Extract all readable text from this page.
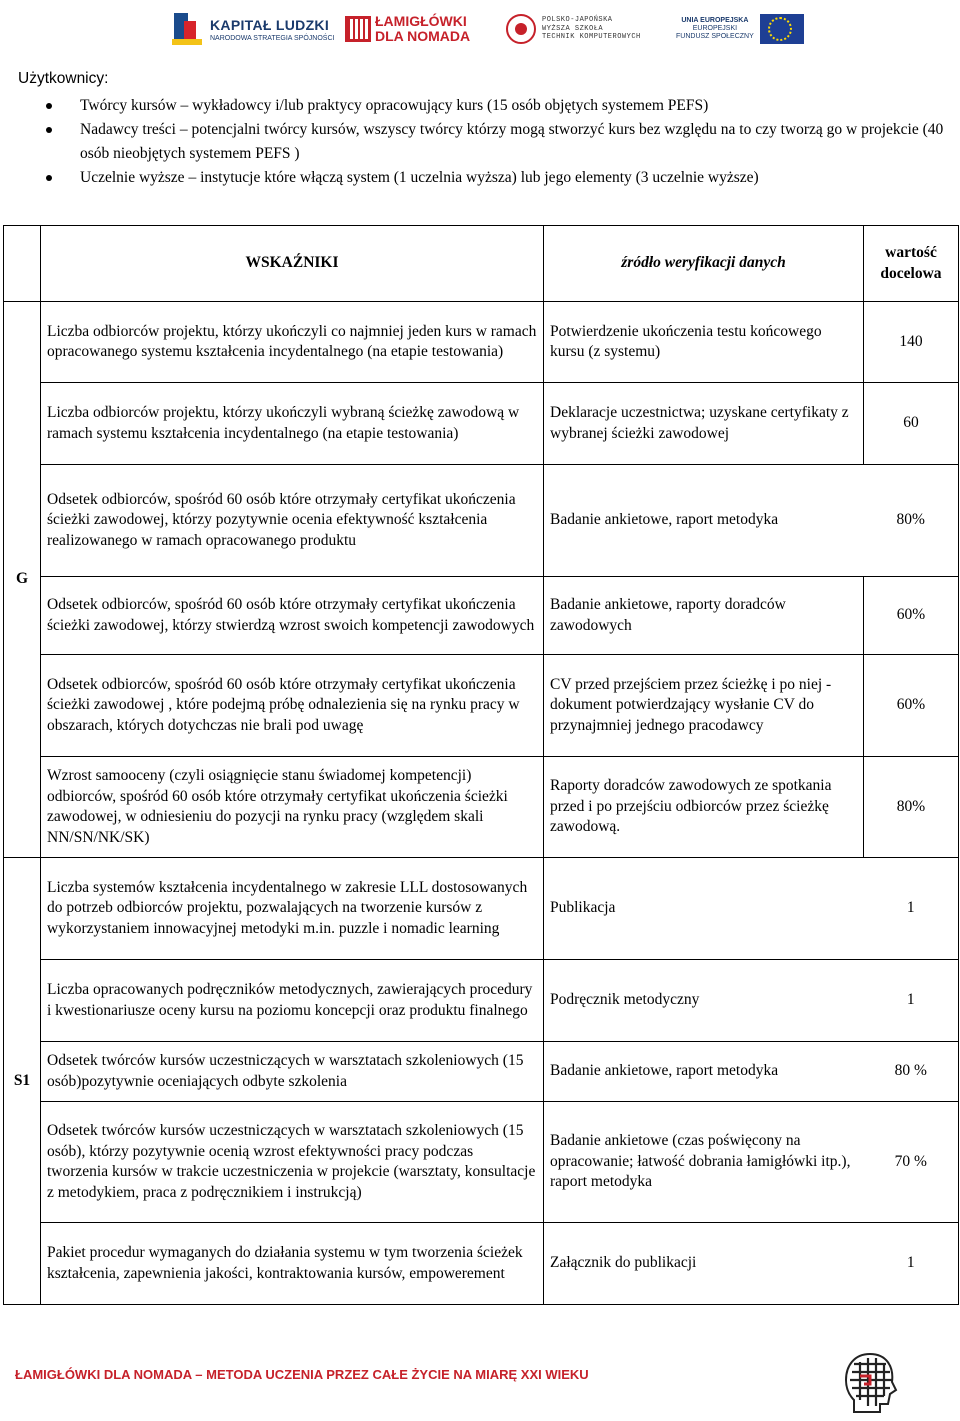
KAPITAŁ LUDZKI
NARODOWA STRATEGIA SPÓJNOŚCI
ŁAMIGŁÓWKI
DLA NOMADA
POLSKO-JAPOŃSKA
WYŻSZA SZKOŁA
TECHNIK KOMPUTEROWYCH
UNIA EUROPEJSKA
EUROPEJSKI
FUNDUSZ SPOŁECZNY
Użytkownicy:
Twórcy kursów – wykładowcy i/lub praktycy opracowujący kurs (15 osób objętych systemem PEFS)
Nadawcy treści – potencjalni twórcy kursów, wszyscy twórcy którzy mogą stworzyć kurs bez względu na to czy tworzą go w projekcie (40 osób nieobjętych systemem PEFS )
Uczelnie wyższe – instytucje które włączą system (1 uczelnia wyższa) lub jego elementy (3 uczelnie wyższe)
	WSKAŹNIKI	źródło weryfikacji danych	wartość docelowa
G	Liczba odbiorców projektu, którzy ukończyli co najmniej jeden kurs w ramach opracowanego systemu kształcenia incydentalnego (na etapie testowania)	Potwierdzenie ukończenia testu końcowego kursu (z systemu)	140
	Liczba odbiorców projektu, którzy ukończyli wybraną ścieżkę zawodową w ramach systemu kształcenia incydentalnego (na etapie testowania)	Deklaracje uczestnictwa; uzyskane certyfikaty z wybranej ścieżki zawodowej	60
	Odsetek odbiorców, spośród 60 osób które otrzymały certyfikat ukończenia ścieżki zawodowej, którzy pozytywnie ocenia efektywność kształcenia realizowanego w ramach opracowanego produktu	Badanie ankietowe, raport metodyka	80%
	Odsetek odbiorców, spośród 60 osób które otrzymały certyfikat ukończenia ścieżki zawodowej, którzy stwierdzą wzrost swoich kompetencji zawodowych	Badanie ankietowe, raporty doradców zawodowych	60%
	Odsetek odbiorców, spośród 60 osób które otrzymały certyfikat ukończenia ścieżki zawodowej , które podejmą próbę odnalezienia się na rynku pracy w obszarach, których dotychczas nie brali pod uwagę	CV przed przejściem przez ścieżkę i po niej - dokument potwierdzający wysłanie CV do przynajmniej jednego pracodawcy	60%
	Wzrost samooceny (czyli osiągnięcie stanu świadomej kompetencji) odbiorców, spośród 60 osób które otrzymały certyfikat ukończenia ścieżki zawodowej, w odniesieniu do pozycji na rynku pracy (względem skali NN/SN/NK/SK)	Raporty doradców zawodowych ze spotkania przed i po przejściu odbiorców przez ścieżkę zawodową.	80%
S1	Liczba systemów kształcenia incydentalnego w zakresie LLL dostosowanych do potrzeb odbiorców projektu, pozwalających na tworzenie kursów z wykorzystaniem innowacyjnej metodyki m.in. puzzle i nomadic learning	Publikacja	1
	Liczba opracowanych podręczników metodycznych, zawierających procedury i kwestionariusze oceny kursu na poziomu koncepcji oraz produktu finalnego	Podręcznik metodyczny	1
	Odsetek twórców kursów uczestniczących w warsztatach szkoleniowych (15 osób)pozytywnie oceniających odbyte szkolenia	Badanie ankietowe, raport metodyka	80 %
	Odsetek twórców kursów uczestniczących w warsztatach szkoleniowych (15 osób), którzy pozytywnie ocenią wzrost efektywności pracy podczas tworzenia kursów w trakcie uczestniczenia w projekcie (warsztaty, konsultacje z metodykiem, praca z podręcznikiem i instrukcją)	Badanie ankietowe (czas poświęcony na opracowanie; łatwość dobrania łamigłówki itp.), raport metodyka	70 %
	Pakiet procedur wymaganych do działania systemu w tym tworzenia ścieżek kształcenia, zapewnienia jakości, kontraktowania kursów, empowerement	Załącznik do publikacji	1
ŁAMIGŁÓWKI DLA NOMADA – METODA UCZENIA PRZEZ CAŁE ŻYCIE NA MIARĘ XXI WIEKU
